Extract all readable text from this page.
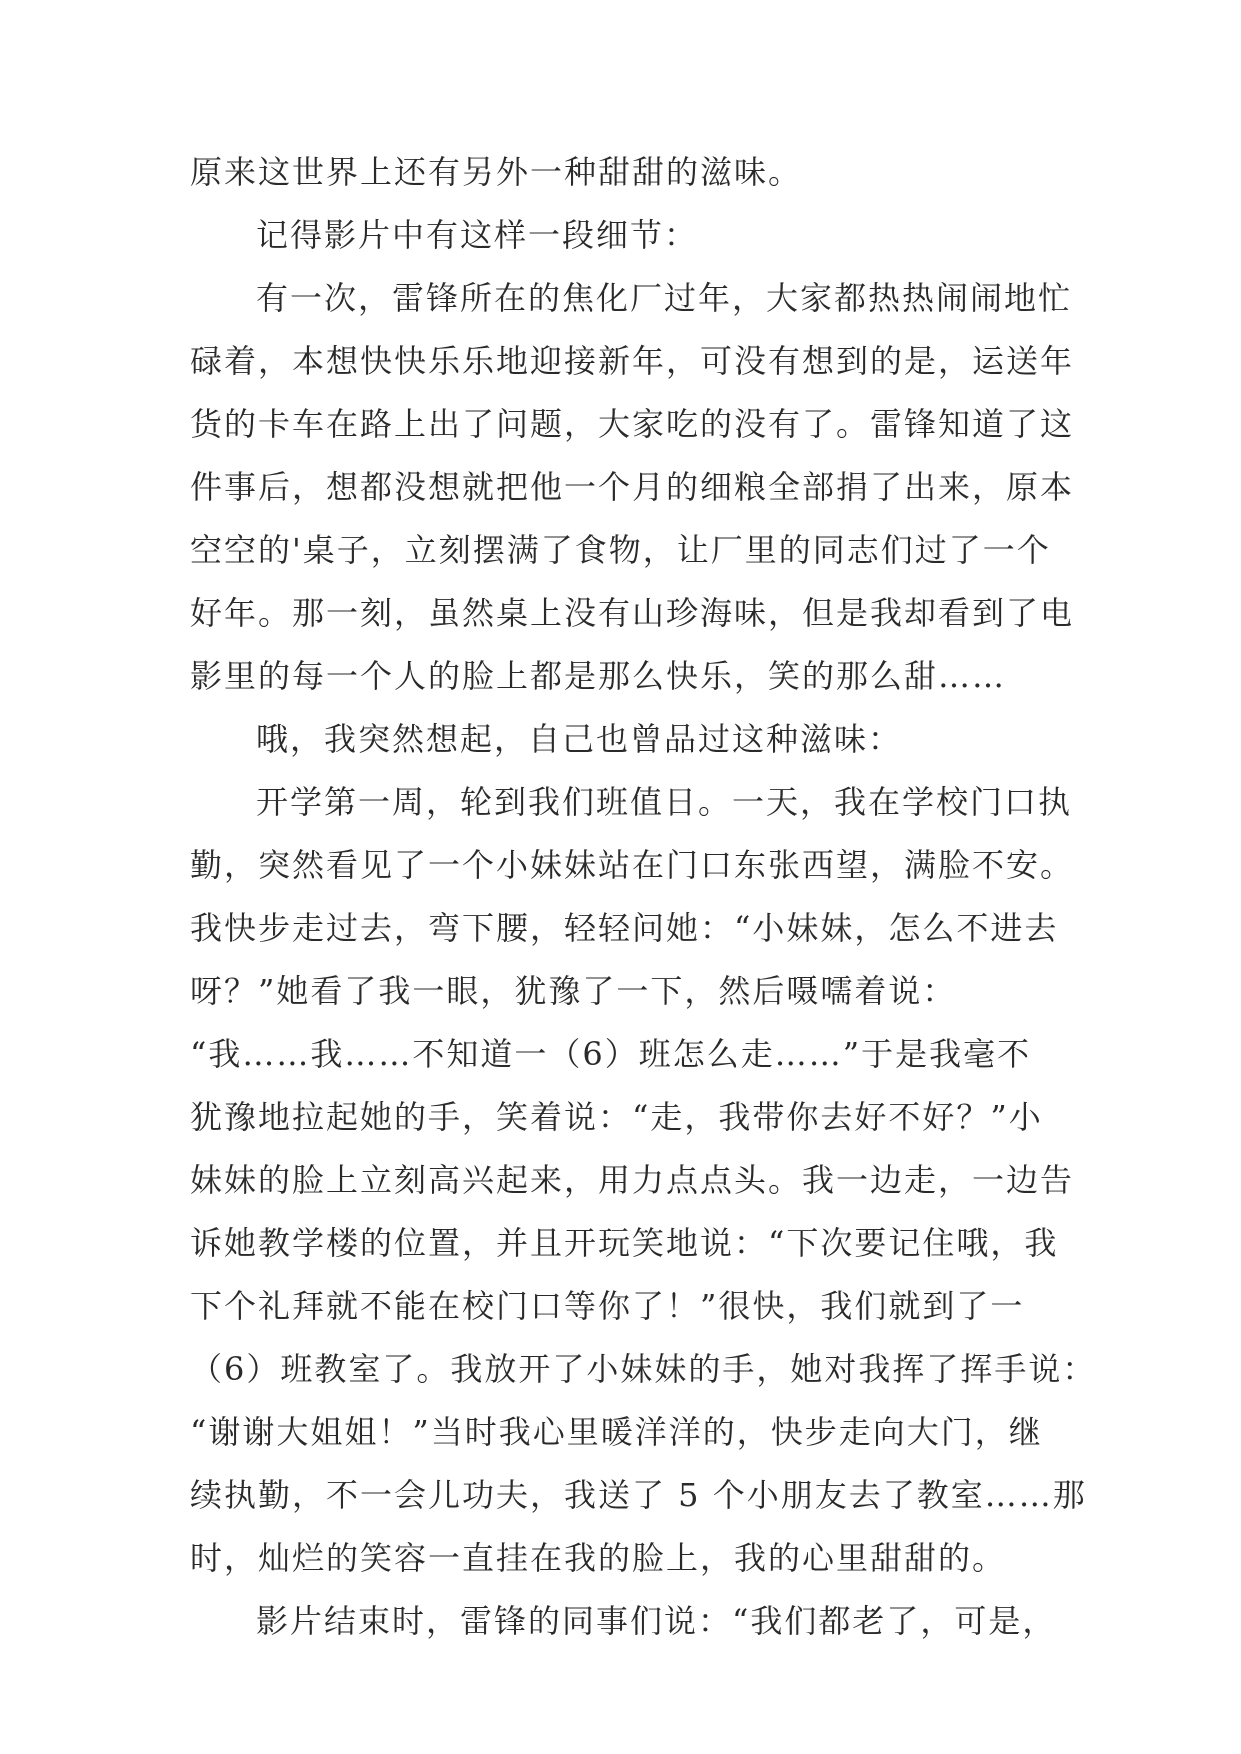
原来这世界上还有另外一种甜甜的滋味。
记得影片中有这样一段细节：
有一次，雷锋所在的焦化厂过年，大家都热热闹闹地忙
碌着，本想快快乐乐地迎接新年，可没有想到的是，运送年
货的卡车在路上出了问题，大家吃的没有了。雷锋知道了这
件事后，想都没想就把他一个月的细粮全部捐了出来，原本
空空的'桌子，立刻摆满了食物，让厂里的同志们过了一个
好年。那一刻，虽然桌上没有山珍海味，但是我却看到了电
影里的每一个人的脸上都是那么快乐，笑的那么甜……
哦，我突然想起，自己也曾品过这种滋味：
开学第一周，轮到我们班值日。一天，我在学校门口执
勤，突然看见了一个小妹妹站在门口东张西望，满脸不安。
我快步走过去，弯下腰，轻轻问她：“小妹妹，怎么不进去
呀？”她看了我一眼，犹豫了一下，然后嗫嚅着说：
“我……我……不知道一（6）班怎么走……”于是我毫不
犹豫地拉起她的手，笑着说：“走，我带你去好不好？”小
妹妹的脸上立刻高兴起来，用力点点头。我一边走，一边告
诉她教学楼的位置，并且开玩笑地说：“下次要记住哦，我
下个礼拜就不能在校门口等你了！”很快，我们就到了一
（6）班教室了。我放开了小妹妹的手，她对我挥了挥手说：
“谢谢大姐姐！”当时我心里暖洋洋的，快步走向大门，继
续执勤，不一会儿功夫，我送了 5 个小朋友去了教室……那
时，灿烂的笑容一直挂在我的脸上，我的心里甜甜的。
影片结束时，雷锋的同事们说：“我们都老了，可是，
